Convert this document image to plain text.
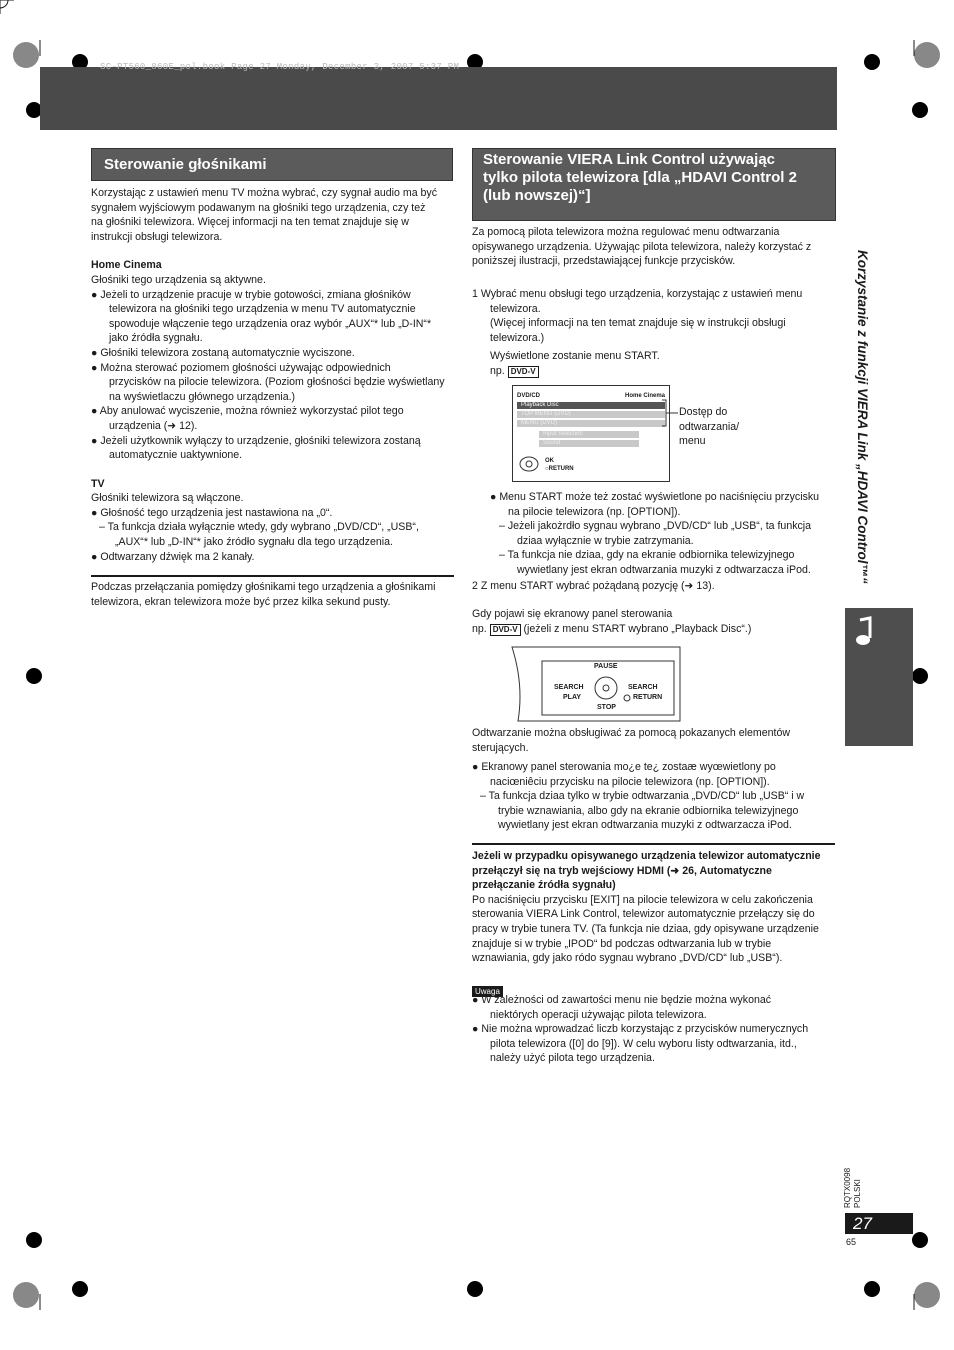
SC-PT560_860E_pol.book Page 27 Monday, December 3, 2007 5:37 PM
Sterowanie głośnikami
Korzystając z ustawień menu TV można wybrać, czy sygnał audio ma być
sygnałem wyjściowym podawanym na głośniki tego urządzenia, czy też
na głośniki telewizora. Więcej informacji na ten temat znajduje się w
instrukcji obsługi telewizora.
Home Cinema
Głośniki tego urządzenia są aktywne.
● Jeżeli to urządzenie pracuje w trybie gotowości, zmiana głośników
telewizora na głośniki tego urządzenia w menu TV automatycznie
spowoduje włączenie tego urządzenia oraz wybór „AUX“* lub „D-IN“*
jako źródła sygnału.
● Głośniki telewizora zostaną automatycznie wyciszone.
● Można sterować poziomem głośności używając odpowiednich
przycisków na pilocie telewizora. (Poziom głośności będzie wyświetlany
na wyświetlaczu głównego urządzenia.)
● Aby anulować wyciszenie, można również wykorzystać pilot tego
urządzenia (➜ 12).
● Jeżeli użytkownik wyłączy to urządzenie, głośniki telewizora zostaną
automatycznie uaktywnione.
TV
Głośniki telewizora są włączone.
● Głośność tego urządzenia jest nastawiona na „0“.
– Ta funkcja działa wyłącznie wtedy, gdy wybrano „DVD/CD“, „USB“,
„AUX“* lub „D-IN“* jako źródło sygnału dla tego urządzenia.
● Odtwarzany dźwięk ma 2 kanały.
Podczas przełączania pomiędzy głośnikami tego urządzenia a głośnikami
telewizora, ekran telewizora może być przez kilka sekund pusty.
Sterowanie VIERA Link Control używając
tylko pilota telewizora [dla „HDAVI Control 2
(lub nowszej)“]
Za pomocą pilota telewizora można regulować menu odtwarzania
opisywanego urządzenia. Używając pilota telewizora, należy korzystać z
poniższej ilustracji, przedstawiającej funkcje przycisków.
1 Wybrać menu obsługi tego urządzenia, korzystając z ustawień menu
telewizora.
(Więcej informacji na ten temat znajduje się w instrukcji obsługi
telewizora.)
Wyświetlone zostanie menu START.
np. DVD-V
DVD/CD	Home Cinema
Playback Disc
TOP MENU (DVD)
MENU (DVD)
Input Selection
Sound
OK
○RETURN
Dostęp do
odtwarzania/
menu
● Menu START może też zostać wyświetlone po naciśnięciu przycisku
na pilocie telewizora (np. [OPTION]).
– Jeżeli jakożrdło sygnau wybrano „DVD/CD“ lub „USB“, ta funkcja
dziaa wyłącznie w trybie zatrzymania.
– Ta funkcja nie dziaa, gdy na ekranie odbiornika telewizyjnego
wywietlany jest ekran odtwarzania muzyki z odtwarzacza iPod.
2 Z menu START wybrać pożądaną pozycję (➜ 13).
Gdy pojawi się ekranowy panel sterowania
np. DVD-V (jeżeli z menu START wybrano „Playback Disc“.)
PAUSE
SEARCH
PLAY
SEARCH
RETURN
STOP
Odtwarzanie można obsługiwać za pomocą pokazanych elementów
sterujących.
● Ekranowy panel sterowania mo¿e te¿ zostaæ wyœwietlony po
naciœniêciu przycisku na pilocie telewizora (np. [OPTION]).
– Ta funkcja dziaa tylko w trybie odtwarzania „DVD/CD“ lub „USB“ i w
trybie wznawiania, albo gdy na ekranie odbiornika telewizyjnego
wywietlany jest ekran odtwarzania muzyki z odtwarzacza iPod.
Jeżeli w przypadku opisywanego urządzenia telewizor automatycznie
przełączył się na tryb wejściowy HDMI (➜ 26, Automatyczne
przełączanie źródła sygnału)
Po naciśnięciu przycisku [EXIT] na pilocie telewizora w celu zakończenia
sterowania VIERA Link Control, telewizor automatycznie przełączy się do
pracy w trybie tunera TV. (Ta funkcja nie dziaa, gdy opisywane urządzenie
znajduje si w trybie „IPOD“ bd podczas odtwarzania lub w trybie
wznawiania, gdy jako ródo sygnau wybrano „DVD/CD“ lub „USB“).
Uwaga
● W zależności od zawartości menu nie będzie można wykonać
niektórych operacji używając pilota telewizora.
● Nie można wprowadzać liczb korzystając z przycisków numerycznych
pilota telewizora ([0] do [9]). W celu wyboru listy odtwarzania, itd.,
należy użyć pilota tego urządzenia.
Korzystanie z funkcji VIERA Link „HDAVI Control™“
RQTX0098 POLSKI
27
65
